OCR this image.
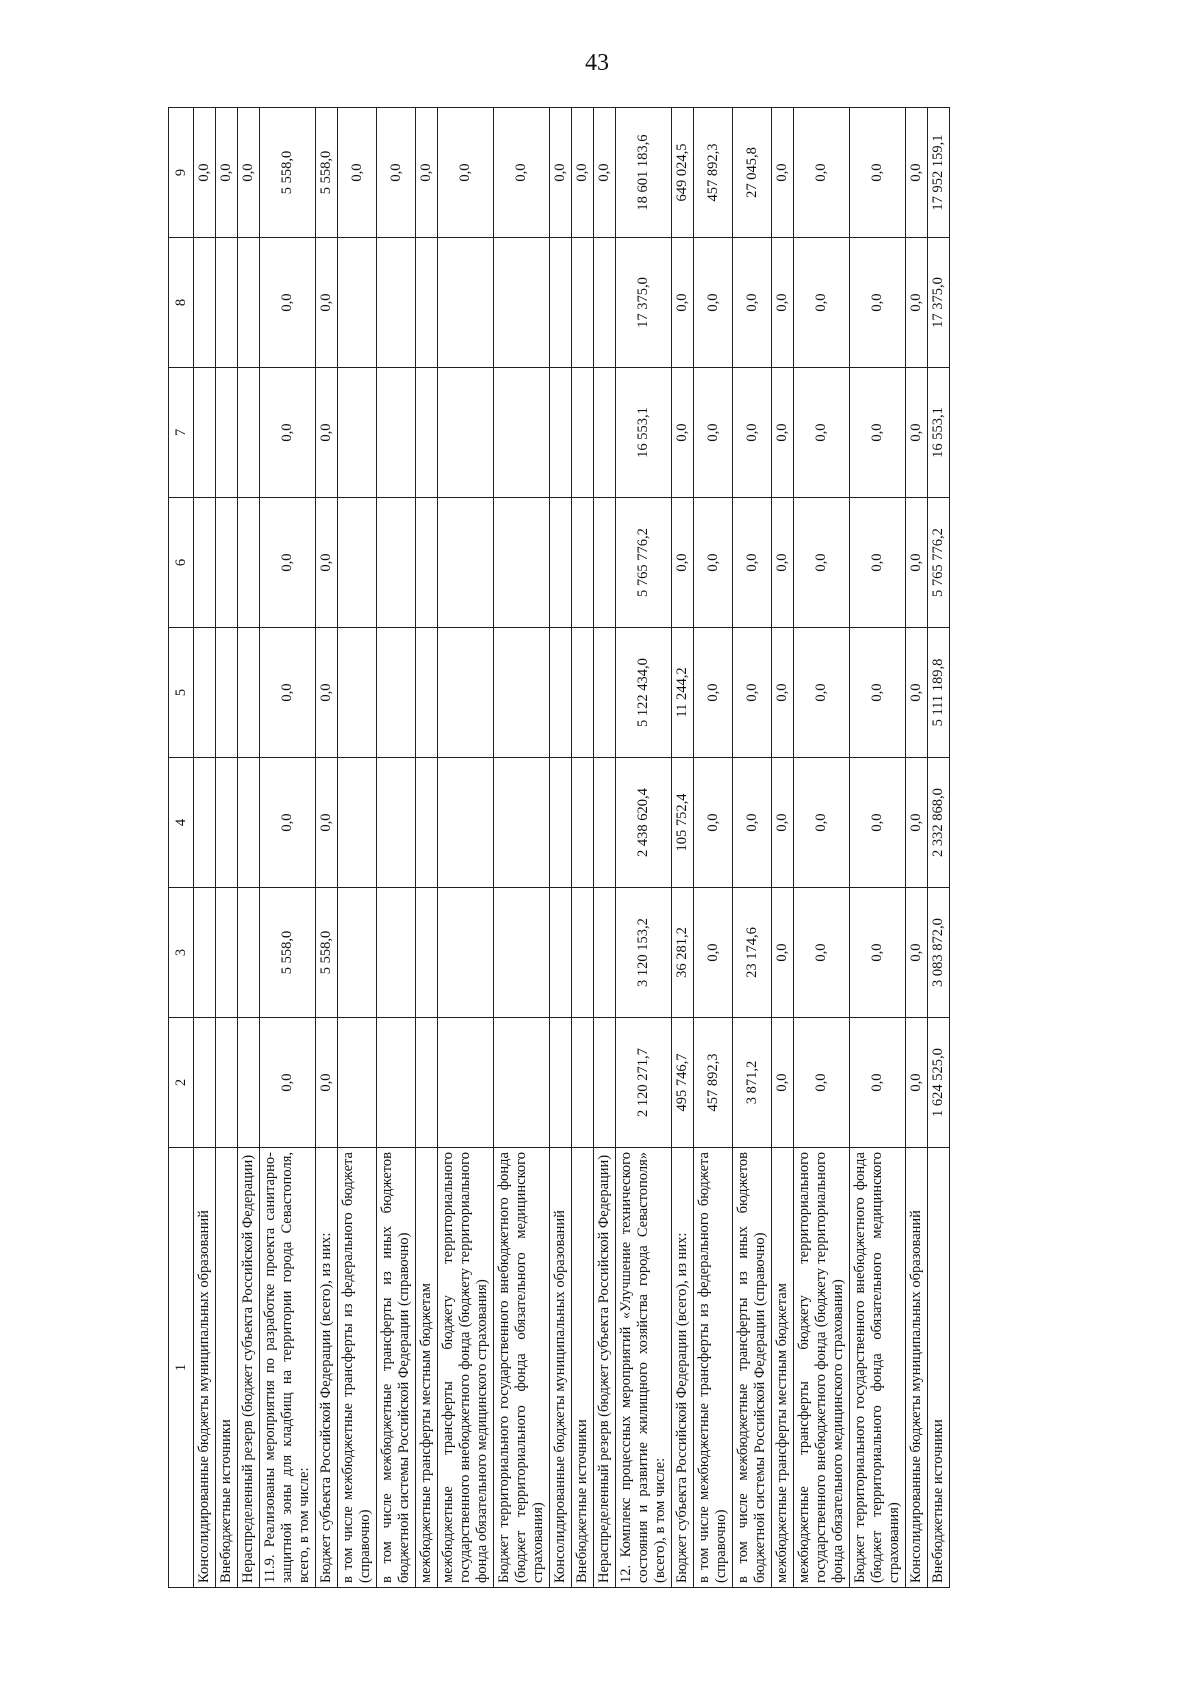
43
1	2	3	4	5	6	7	8	9
Консолидированные бюджеты муниципальных образований								0,0
Внебюджетные источники								0,0
Нераспределенный резерв (бюджет субъекта Российской Федерации)								0,0
11.9. Реализованы мероприятия по разработке проекта санитарно-защитной зоны для кладбищ на территории города Севастополя, всего, в том числе:	0,0	5 558,0	0,0	0,0	0,0	0,0	0,0	5 558,0
Бюджет субъекта Российской Федерации (всего), из них:	0,0	5 558,0	0,0	0,0	0,0	0,0	0,0	5 558,0
в том числе межбюджетные трансферты из федерального бюджета (справочно)								0,0
в том числе межбюджетные трансферты из иных бюджетов бюджетной системы Российской Федерации (справочно)								0,0
межбюджетные трансферты местным бюджетам								0,0
межбюджетные трансферты бюджету территориального государственного внебюджетного фонда (бюджету территориального фонда обязательного медицинского страхования)								0,0
Бюджет территориального государственного внебюджетного фонда (бюджет территориального фонда обязательного медицинского страхования)								0,0
Консолидированные бюджеты муниципальных образований								0,0
Внебюджетные источники								0,0
Нераспределенный резерв (бюджет субъекта Российской Федерации)								0,0
12. Комплекс процессных мероприятий «Улучшение технического состояния и развитие жилищного хозяйства города Севастополя» (всего), в том числе:	2 120 271,7	3 120 153,2	2 438 620,4	5 122 434,0	5 765 776,2	16 553,1	17 375,0	18 601 183,6
Бюджет субъекта Российской Федерации (всего), из них:	495 746,7	36 281,2	105 752,4	11 244,2	0,0	0,0	0,0	649 024,5
в том числе межбюджетные трансферты из федерального бюджета (справочно)	457 892,3	0,0	0,0	0,0	0,0	0,0	0,0	457 892,3
в том числе межбюджетные трансферты из иных бюджетов бюджетной системы Российской Федерации (справочно)	3 871,2	23 174,6	0,0	0,0	0,0	0,0	0,0	27 045,8
межбюджетные трансферты местным бюджетам	0,0	0,0	0,0	0,0	0,0	0,0	0,0	0,0
межбюджетные трансферты бюджету территориального государственного внебюджетного фонда (бюджету территориального фонда обязательного медицинского страхования)	0,0	0,0	0,0	0,0	0,0	0,0	0,0	0,0
Бюджет территориального государственного внебюджетного фонда (бюджет территориального фонда обязательного медицинского страхования)	0,0	0,0	0,0	0,0	0,0	0,0	0,0	0,0
Консолидированные бюджеты муниципальных образований	0,0	0,0	0,0	0,0	0,0	0,0	0,0	0,0
Внебюджетные источники	1 624 525,0	3 083 872,0	2 332 868,0	5 111 189,8	5 765 776,2	16 553,1	17 375,0	17 952 159,1
